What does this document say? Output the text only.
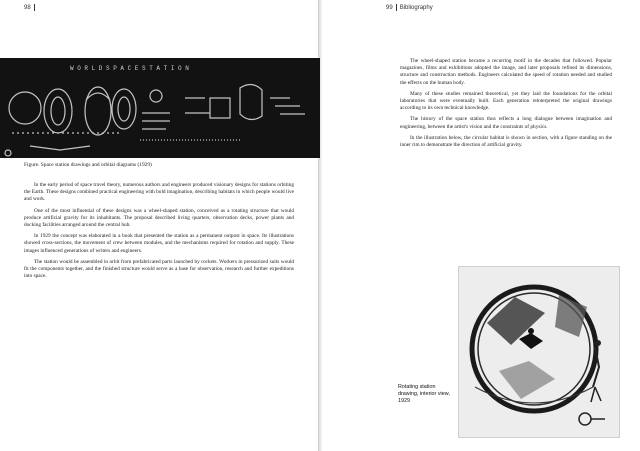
98
W O R L D S P A C E S T A T I O N
Figure. Space station drawings and orbital diagrams (1929)

In the early period of space travel theory, numerous authors and engineers produced visionary designs for stations orbiting the Earth. These designs combined practical engineering with bold imagination, describing habitats in which people would live and work.

One of the most influential of these designs was a wheel-shaped station, conceived as a rotating structure that would produce artificial gravity for its inhabitants. The proposal described living quarters, observation decks, power plants and docking facilities arranged around the central hub.

In 1929 the concept was elaborated in a book that presented the station as a permanent outpost in space. Its illustrations showed cross-sections, the movement of crew between modules, and the mechanisms required for rotation and supply. These images influenced generations of writers and engineers.

The station would be assembled in orbit from prefabricated parts launched by rockets. Workers in pressurized suits would fit the components together, and the finished structure would serve as a base for observation, research and further expeditions into space.

99 Bibliography

The wheel-shaped station became a recurring motif in the decades that followed. Popular magazines, films and exhibitions adopted the image, and later proposals refined its dimensions, structure and construction methods. Engineers calculated the speed of rotation needed and studied the effects on the human body.

Many of these studies remained theoretical, yet they laid the foundations for the orbital laboratories that were eventually built. Each generation reinterpreted the original drawings according to its own technical knowledge.

The history of the space station thus reflects a long dialogue between imagination and engineering, between the artist's vision and the constraints of physics.

In the illustration below, the circular habitat is shown in section, with a figure standing on the inner rim to demonstrate the direction of artificial gravity.

Rotating station drawing, interior view, 1929
